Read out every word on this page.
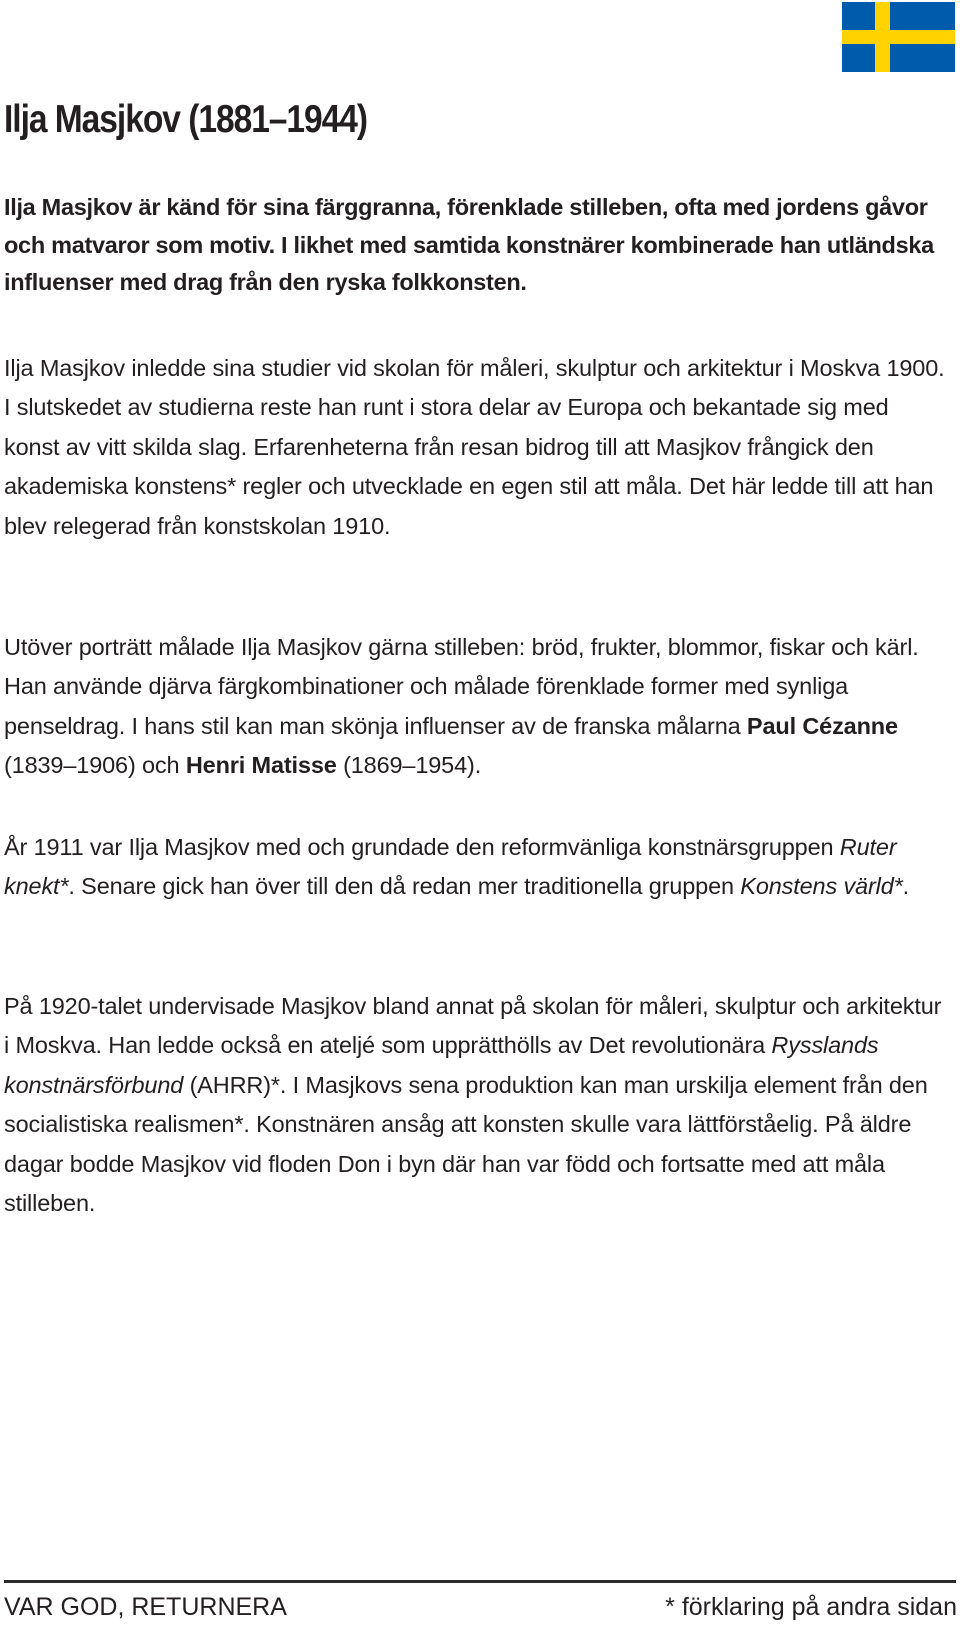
Ilja Masjkov (1881–1944)

Ilja Masjkov är känd för sina färggranna, förenklade stilleben, ofta med jordens gåvor och matvaror som motiv. I likhet med samtida konstnärer kombinerade han utländska influenser med drag från den ryska folkkonsten.

Ilja Masjkov inledde sina studier vid skolan för måleri, skulptur och arkitektur i Moskva 1900. I slutskedet av studierna reste han runt i stora delar av Europa och bekantade sig med konst av vitt skilda slag. Erfarenheterna från resan bidrog till att Masjkov frångick den akademiska konstens* regler och utvecklade en egen stil att måla. Det här ledde till att han blev relegerad från konstskolan 1910.

Utöver porträtt målade Ilja Masjkov gärna stilleben: bröd, frukter, blommor, fiskar och kärl. Han använde djärva färgkombinationer och målade förenklade former med synliga penseldrag. I hans stil kan man skönja influenser av de franska målarna Paul Cézanne (1839–1906) och Henri Matisse (1869–1954).

År 1911 var Ilja Masjkov med och grundade den reformvänliga konstnärsgruppen Ruter knekt*. Senare gick han över till den då redan mer traditionella gruppen Konstens värld*.

På 1920-talet undervisade Masjkov bland annat på skolan för måleri, skulptur och arkitektur i Moskva. Han ledde också en ateljé som upprätthölls av Det revolutionära Rysslands konstnärsförbund (AHRR)*. I Masjkovs sena produktion kan man urskilja element från den socialistiska realismen*. Konstnären ansåg att konsten skulle vara lättförståelig. På äldre dagar bodde Masjkov vid floden Don i byn där han var född och fortsatte med att måla stilleben.

VAR GOD, RETURNERA	* förklaring på andra sidan
